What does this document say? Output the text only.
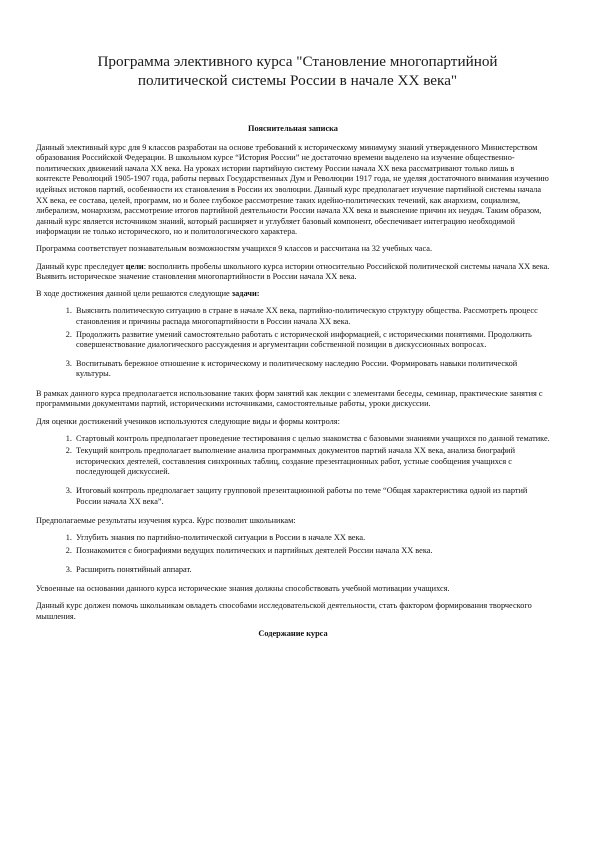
Программа элективного курса "Становление многопартийной
политической системы России в начале ХХ века"
Пояснительная записка

Данный элективный курс для 9 классов разработан на основе требований к историческому минимуму знаний утвержденного Министерством образования Российской Федерации. В школьном курсе “История России” не достаточно времени выделено на изучение общественно-политических движений начала ХХ века. На уроках истории партийную систему России начала ХХ века рассматривают только лишь в контексте Революций 1905-1907 года, работы первых Государственных Дум и Революции 1917 года, не уделяя достаточного внимания изучению идейных истоков партий, особенности их становления в России их эволюции. Данный курс предполагает изучение партийной системы начала ХХ века, ее состава, целей, программ, но и более глубокое рассмотрение таких идейно-политических течений, как анархизм, социализм, либерализм, монархизм, рассмотрение итогов партийной деятельности России начала ХХ века и выяснение причин их неудач. Таким образом, данный курс является источником знаний, который расширяет и углубляет базовый компонент, обеспечивает интеграцию необходимой информации не только исторического, но и политологического характера.

Программа соответствует познавательным возможностям учащихся 9 классов и рассчитана на 32 учебных часа.

Данный курс преследует цели: восполнить пробелы школьного курса истории относительно Российской политической системы начала ХХ века. Выявить историческое значение становления многопартийности в России начала ХХ века.

В ходе достижения данной цели решаются следующие задачи:

1. Выяснить политическую ситуацию в стране в начале ХХ века, партийно-политическую структуру общества. Рассмотреть процесс становления и причины распада многопартийности в России начала ХХ века.
2. Продолжить развитие умений самостоятельно работать с исторической информацией, с историческими понятиями. Продолжить совершенствование диалогического рассуждения и аргументации собственной позиции в дискуссионных вопросах.
3. Воспитывать бережное отношение к историческому и политическому наследию России. Формировать навыки политической культуры.

В рамках данного курса предполагается использование таких форм занятий как лекции с элементами беседы, семинар, практические занятия с программными документами партий, историческими источниками, самостоятельные работы, уроки дискуссии.

Для оценки достижений учеников используются следующие виды и формы контроля:

1. Стартовый контроль предполагает проведение тестирования с целью знакомства с базовыми знаниями учащихся по данной тематике.
2. Текущий контроль предполагает выполнение анализа программных документов партий начала ХХ века, анализа биографий исторических деятелей, составления синхронных таблиц, создание презентационных работ, устные сообщения учащихся с последующей дискуссией.
3. Итоговый контроль предполагает защиту групповой презентационной работы по теме “Общая характеристика одной из партий России начала ХХ века”.

Предполагаемые результаты изучения курса. Курс позволит школьникам:

1. Углубить знания по партийно-политической ситуации в России в начале ХХ века.
2. Познакомится с биографиями ведущих политических и партийных деятелей России начала ХХ века.
3. Расширить понятийный аппарат.

Усвоенные на основании данного курса исторические знания должны способствовать учебной мотивации учащихся.

Данный курс должен помочь школьникам овладеть способами исследовательской деятельности, стать фактором формирования творческого мышления.

Содержание курса
